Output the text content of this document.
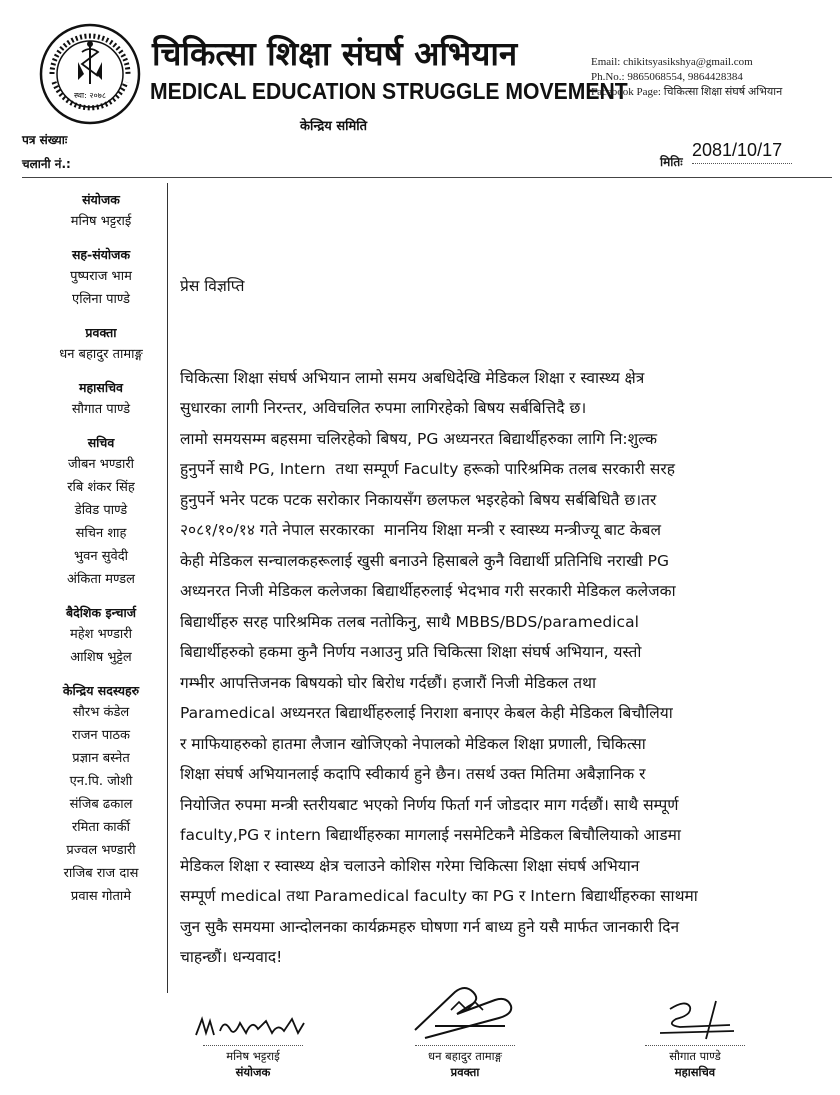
स्था: २०७८
चिकित्सा शिक्षा संघर्ष अभियान
MEDICAL EDUCATION STRUGGLE MOVEMENT
Email: chikitsyasikshya@gmail.com
Ph.No.: 9865068554, 9864428384
Facebook Page: चिकित्सा शिक्षा संघर्ष अभियान
केन्द्रिय समिति
पत्र संख्याः
चलानी नं.:	मितिः
2081/10/17
संयोजक
मनिष भट्टराई
सह-संयोजक
पुष्पराज भाम
एलिना पाण्डे
प्रवक्ता
धन बहादुर तामाङ्ग
महासचिव
सौगात पाण्डे
सचिव
जीबन भण्डारी
रबि शंकर सिंह
डेविड पाण्डे
सचिन शाह
भुवन सुवेदी
अंकिता मण्डल
बैदेशिक इन्चार्ज
महेश भण्डारी
आशिष भुट्टेल
केन्द्रिय सदस्यहरु
सौरभ कंडेल
राजन पाठक
प्रज्ञान बस्नेत
एन.पि. जोशी
संजिब ढकाल
रमिता कार्की
प्रज्वल भण्डारी
राजिब राज दास
प्रवास गोतामे

प्रेस विज्ञप्ति

चिकित्सा शिक्षा संघर्ष अभियान लामो समय अबधिदेखि मेडिकल शिक्षा र स्वास्थ्य क्षेत्र
सुधारका लागी निरन्तर, अविचलित रुपमा लागिरहेको बिषय सर्बबित्तिदै छ।
लामो समयसम्म बहसमा चलिरहेको बिषय, PG अध्यनरत बिद्यार्थीहरुका लागि नि:शुल्क
हुनुपर्ने साथै PG, Intern  तथा सम्पूर्ण Faculty हरूको पारिश्रमिक तलब सरकारी सरह
हुनुपर्ने भनेर पटक पटक सरोकार निकायसँग छलफल भइरहेको बिषय सर्बबिधितै छ।तर
२०८१/१०/१४ गते नेपाल सरकारका  माननिय शिक्षा मन्त्री र स्वास्थ्य मन्त्रीज्यू बाट केबल
केही मेडिकल सन्चालकहरूलाई खुसी बनाउने हिसाबले कुनै विद्यार्थी प्रतिनिधि नराखी PG
अध्यनरत निजी मेडिकल कलेजका बिद्यार्थीहरुलाई भेदभाव गरी सरकारी मेडिकल कलेजका
बिद्यार्थीहरु सरह पारिश्रमिक तलब नतोकिनु, साथै MBBS/BDS/paramedical
बिद्यार्थीहरुको हकमा कुनै निर्णय नआउनु प्रति चिकित्सा शिक्षा संघर्ष अभियान, यस्तो
गम्भीर आपत्तिजनक बिषयको घोर बिरोध गर्दछौं। हजारौं निजी मेडिकल तथा
Paramedical अध्यनरत बिद्यार्थीहरुलाई निराशा बनाएर केबल केही मेडिकल बिचौलिया
र माफियाहरुको हातमा लैजान खोजिएको नेपालको मेडिकल शिक्षा प्रणाली, चिकित्सा
शिक्षा संघर्ष अभियानलाई कदापि स्वीकार्य हुने छैन। तसर्थ उक्त मितिमा अबैज्ञानिक र
नियोजित रुपमा मन्त्री स्तरीयबाट भएको निर्णय फिर्ता गर्न जोडदार माग गर्दछौं। साथै सम्पूर्ण
faculty,PG र intern बिद्यार्थीहरुका मागलाई नसमेटिकनै मेडिकल बिचौलियाको आडमा
मेडिकल शिक्षा र स्वास्थ्य क्षेत्र चलाउने कोशिस गरेमा चिकित्सा शिक्षा संघर्ष अभियान
सम्पूर्ण medical तथा Paramedical faculty का PG र Intern बिद्यार्थीहरुका साथमा
जुन सुकै समयमा आन्दोलनका कार्यक्रमहरु घोषणा गर्न बाध्य हुने यसै मार्फत जानकारी दिन
चाहन्छौं। धन्यवाद!

मनिष भट्टराई
संयोजक
धन बहादुर तामाङ्ग
प्रवक्ता
सौगात पाण्डे
महासचिव
